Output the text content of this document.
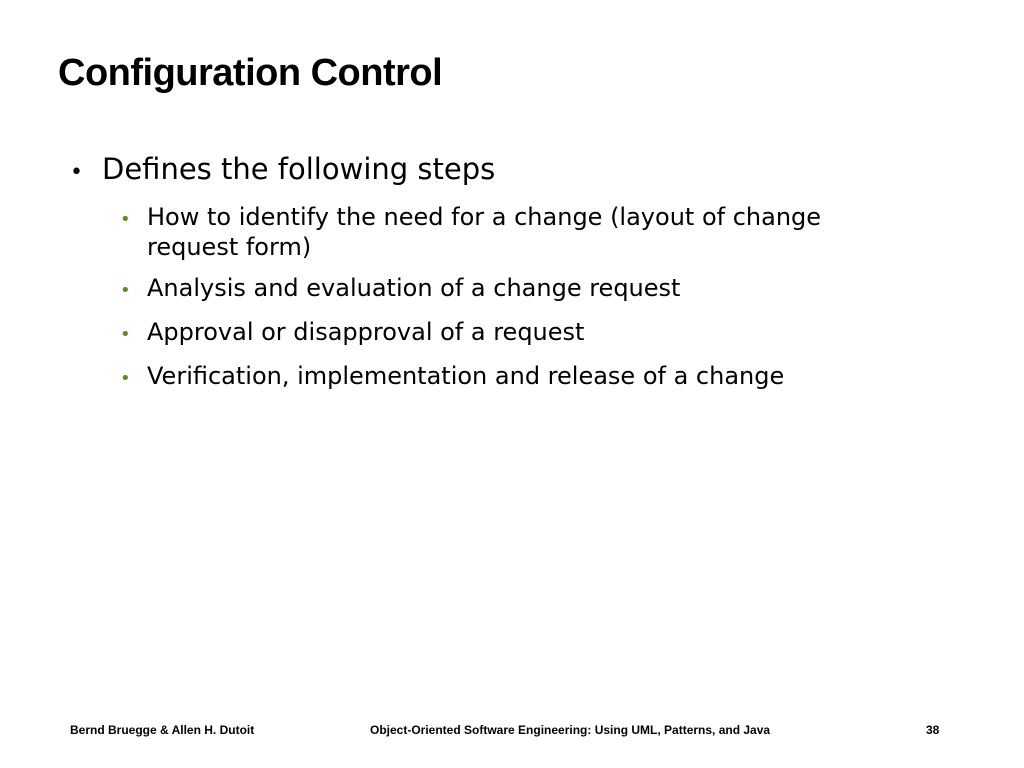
Configuration Control
• Defines the following steps
• How to identify the need for a change (layout of change request form)
• Analysis and evaluation of a change request
• Approval or disapproval of a request
• Verification, implementation and release of a change
Bernd Bruegge & Allen H. Dutoit	Object-Oriented Software Engineering: Using UML, Patterns, and Java	38
